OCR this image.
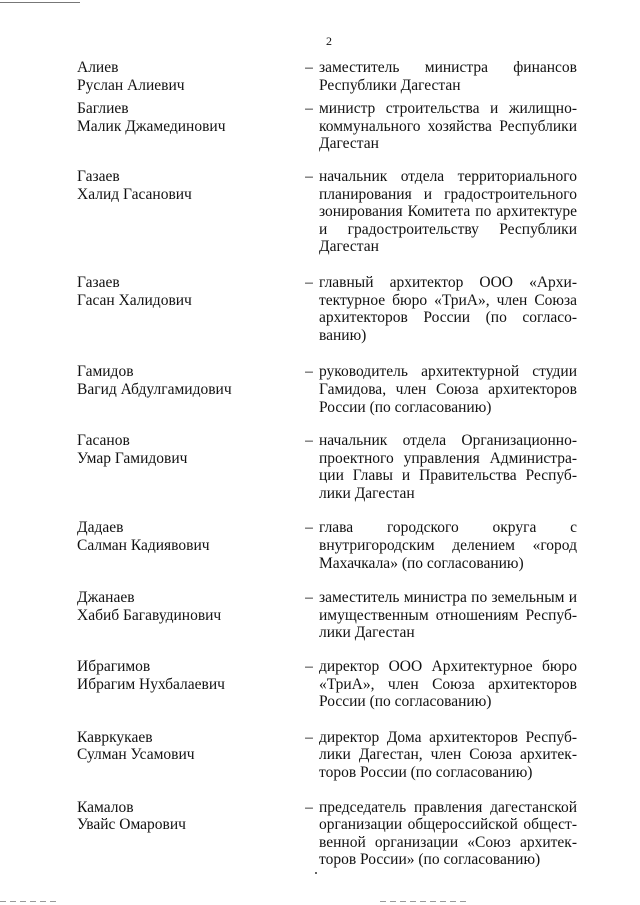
2
Алиев
Руслан Алиевич
– заместитель министра финансов Республики Дагестан
Баглиев
Малик Джамединович
– министр строительства и жилищно-коммунального хозяйства Республики Дагестан
Газаев
Халид Гасанович
– начальник отдела территориального планирования и градостроительного зонирования Комитета по архитектуре и градостроительству Республики Дагестан
Газаев
Гасан Халидович
– главный архитектор ООО «Архи-тектурное бюро «ТриА», член Союза архитекторов России (по согласо-ванию)
Гамидов
Вагид Абдулгамидович
– руководитель архитектурной студии Гамидова, член Союза архитекторов России (по согласованию)
Гасанов
Умар Гамидович
– начальник отдела Организационно-проектного управления Администра-ции Главы и Правительства Респуб-лики Дагестан
Дадаев
Салман Кадиявович
– глава городского округа с внутригородским делением «город Махачкала» (по согласованию)
Джанаев
Хабиб Багавудинович
– заместитель министра по земельным и имущественным отношениям Респуб-лики Дагестан
Ибрагимов
Ибрагим Нухбалаевич
– директор ООО Архитектурное бюро «ТриА», член Союза архитекторов России (по согласованию)
Кавркукаев
Сулман Усамович
– директор Дома архитекторов Респуб-лики Дагестан, член Союза архитек-торов России (по согласованию)
Камалов
Увайс Омарович
– председатель правления дагестанской организации общероссийской общест-венной организации «Союз архитек-торов России» (по согласованию)
